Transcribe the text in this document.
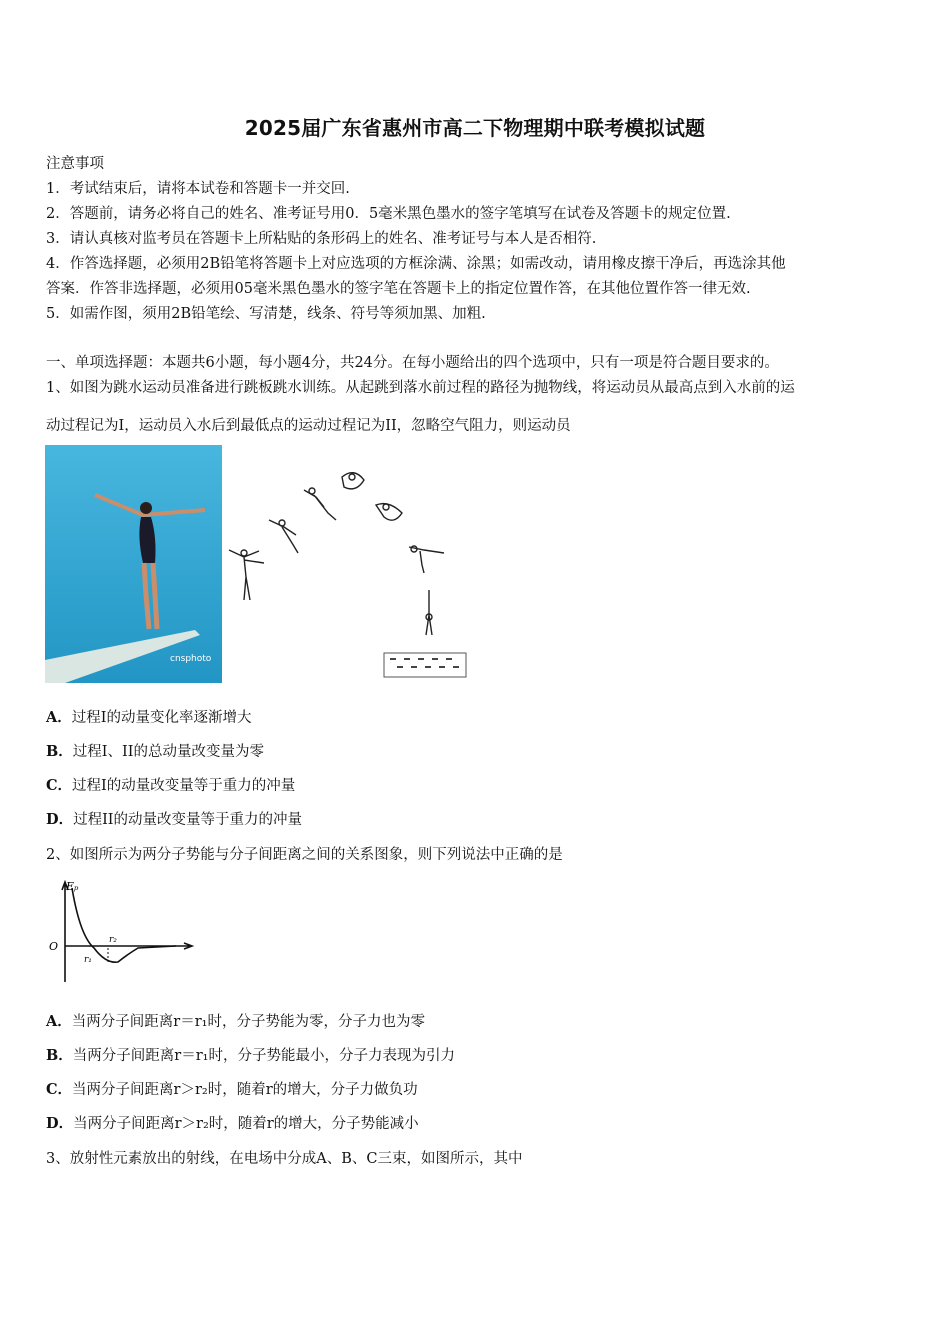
2025届广东省惠州市高二下物理期中联考模拟试题
注意事项
1．考试结束后，请将本试卷和答题卡一并交回.
2．答题前，请务必将自己的姓名、准考证号用0．5毫米黑色墨水的签字笔填写在试卷及答题卡的规定位置.
3．请认真核对监考员在答题卡上所粘贴的条形码上的姓名、准考证号与本人是否相符.
4．作答选择题，必须用2B铅笔将答题卡上对应选项的方框涂满、涂黑；如需改动，请用橡皮擦干净后，再选涂其他
答案．作答非选择题，必须用05毫米黑色墨水的签字笔在答题卡上的指定位置作答，在其他位置作答一律无效.
5．如需作图，须用2B铅笔绘、写清楚，线条、符号等须加黑、加粗.
一、单项选择题：本题共6小题，每小题4分，共24分。在每小题给出的四个选项中，只有一项是符合题目要求的。
1、如图为跳水运动员准备进行跳板跳水训练。从起跳到落水前过程的路径为抛物线，将运动员从最高点到入水前的运
动过程记为I，运动员入水后到最低点的运动过程记为II，忽略空气阻力，则运动员
cnsphoto
A．过程I的动量变化率逐渐增大
B．过程I、II的总动量改变量为零
C．过程I的动量改变量等于重力的冲量
D．过程II的动量改变量等于重力的冲量
2、如图所示为两分子势能与分子间距离之间的关系图象，则下列说法中正确的是
Eₚ
O
r₁
r₂
A．当两分子间距离r＝r₁时，分子势能为零，分子力也为零
B．当两分子间距离r＝r₁时，分子势能最小，分子力表现为引力
C．当两分子间距离r＞r₂时，随着r的增大，分子力做负功
D．当两分子间距离r＞r₂时，随着r的增大，分子势能减小
3、放射性元素放出的射线，在电场中分成A、B、C三束，如图所示，其中
